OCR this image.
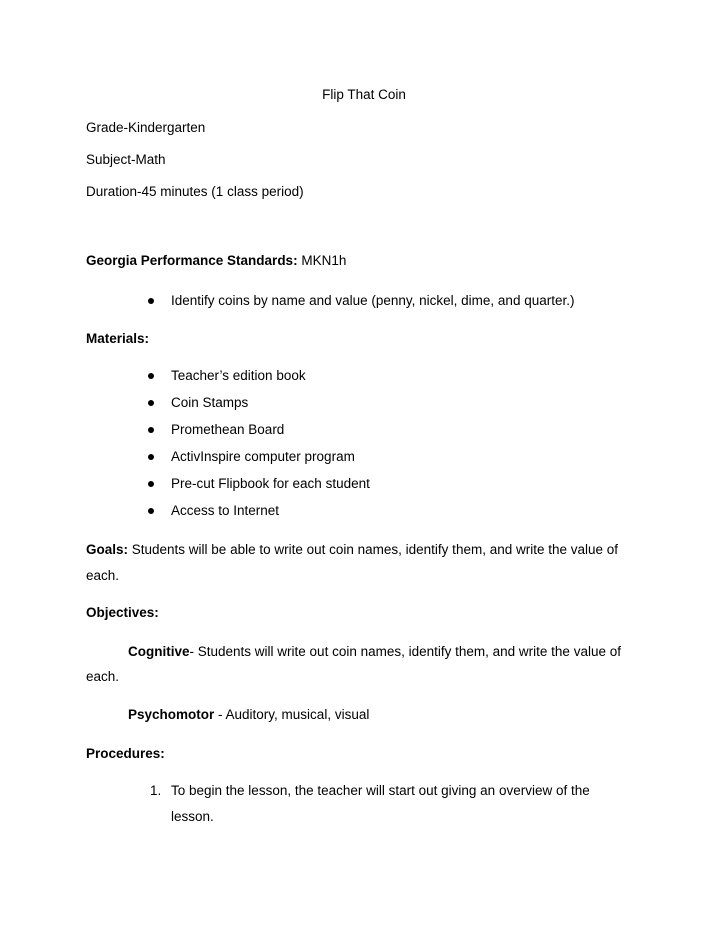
Flip That Coin
Grade-Kindergarten
Subject-Math
Duration-45 minutes (1 class period)
Georgia Performance Standards: MKN1h
Identify coins by name and value (penny, nickel, dime, and quarter.)
Materials:
Teacher’s edition book
Coin Stamps
Promethean Board
ActivInspire computer program
Pre-cut Flipbook for each student
Access to Internet
Goals: Students will be able to write out coin names, identify them, and write the value of
each.
Objectives:
Cognitive- Students will write out coin names, identify them, and write the value of
each.
Psychomotor - Auditory, musical, visual
Procedures:
1. To begin the lesson, the teacher will start out giving an overview of the
lesson.
